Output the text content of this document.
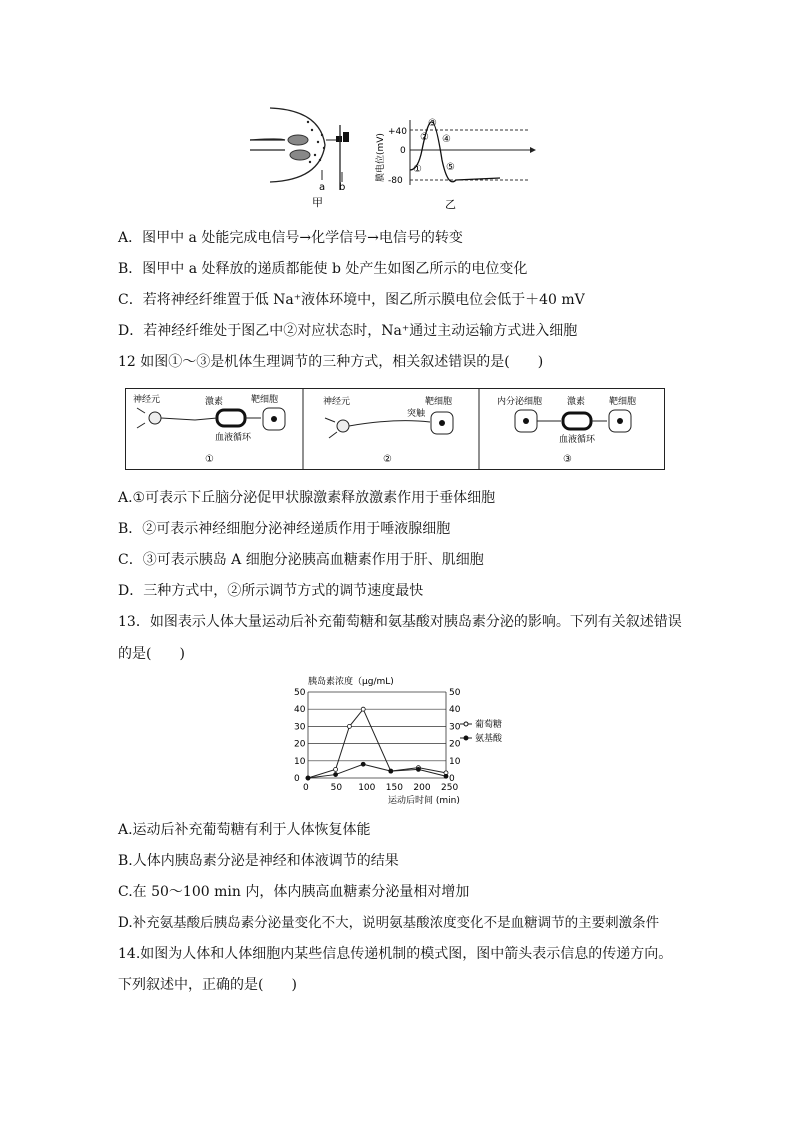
a b
甲
膜电位(mV)
+40
0
-80
①
②
③
④
⑤
乙
A．图甲中 a 处能完成电信号→化学信号→电信号的转变
B．图甲中 a 处释放的递质都能使 b 处产生如图乙所示的电位变化
C．若将神经纤维置于低 Na⁺液体环境中，图乙所示膜电位会低于＋40 mV
D．若神经纤维处于图乙中②对应状态时，Na⁺通过主动运输方式进入细胞
12 如图①～③是机体生理调节的三种方式，相关叙述错误的是(　　)
神经元	激素	靶细胞
血液循环
①
神经元	靶细胞
突触
②
内分泌细胞	激素	靶细胞
血液循环
③
A.①可表示下丘脑分泌促甲状腺激素释放激素作用于垂体细胞
B．②可表示神经细胞分泌神经递质作用于唾液腺细胞
C．③可表示胰岛 A 细胞分泌胰高血糖素作用于肝、肌细胞
D．三种方式中，②所示调节方式的调节速度最快
13．如图表示人体大量运动后补充葡萄糖和氨基酸对胰岛素分泌的影响。下列有关叙述错误
的是(　　)
胰岛素浓度（μg/mL)
0	0
10	10
20	20
30	30
40	40
50	50
0 50 100 150 200 250
葡萄糖
氨基酸
运动后时间 (min)
A.运动后补充葡萄糖有利于人体恢复体能
B.人体内胰岛素分泌是神经和体液调节的结果
C.在 50～100 min 内，体内胰高血糖素分泌量相对增加
D.补充氨基酸后胰岛素分泌量变化不大，说明氨基酸浓度变化不是血糖调节的主要刺激条件
14.如图为人体和人体细胞内某些信息传递机制的模式图，图中箭头表示信息的传递方向。
下列叙述中，正确的是(　　)
